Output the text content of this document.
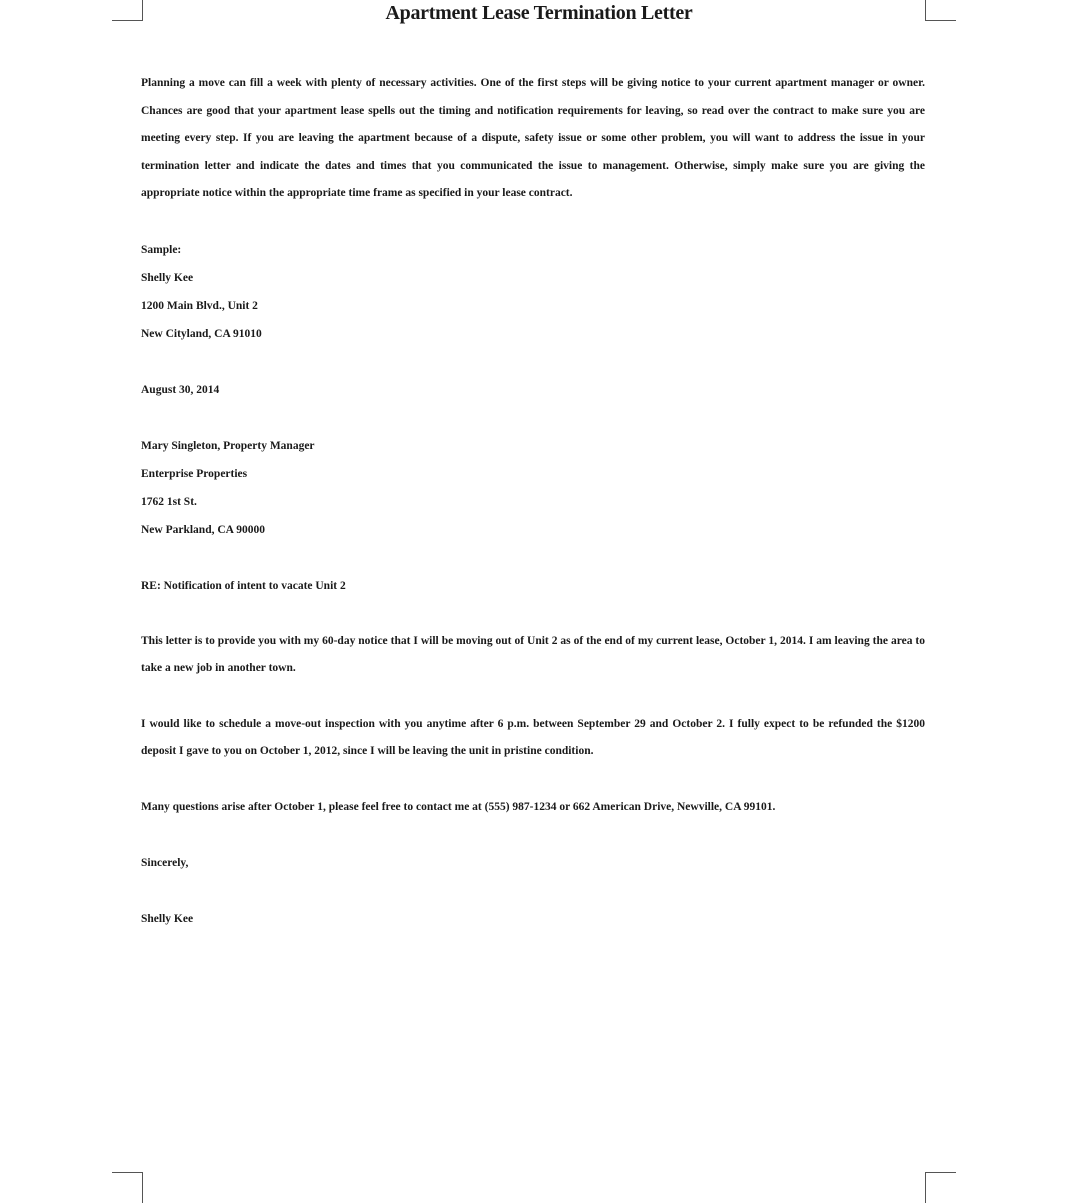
Apartment Lease Termination Letter

Planning a move can fill a week with plenty of necessary activities. One of the first steps will be giving notice to your current apartment manager or owner. Chances are good that your apartment lease spells out the timing and notification requirements for leaving, so read over the contract to make sure you are meeting every step. If you are leaving the apartment because of a dispute, safety issue or some other problem, you will want to address the issue in your termination letter and indicate the dates and times that you communicated the issue to management. Otherwise, simply make sure you are giving the appropriate notice within the appropriate time frame as specified in your lease contract.

Sample:

Shelly Kee

1200 Main Blvd., Unit 2

New Cityland, CA 91010

August 30, 2014

Mary Singleton, Property Manager

Enterprise Properties

1762 1st St.

New Parkland, CA 90000

RE: Notification of intent to vacate Unit 2

This letter is to provide you with my 60-day notice that I will be moving out of Unit 2 as of the end of my current lease, October 1, 2014. I am leaving the area to take a new job in another town.

I would like to schedule a move-out inspection with you anytime after 6 p.m. between September 29 and October 2. I fully expect to be refunded the $1200 deposit I gave to you on October 1, 2012, since I will be leaving the unit in pristine condition.

Many questions arise after October 1, please feel free to contact me at (555) 987-1234 or 662 American Drive, Newville, CA 99101.

Sincerely,

Shelly Kee
